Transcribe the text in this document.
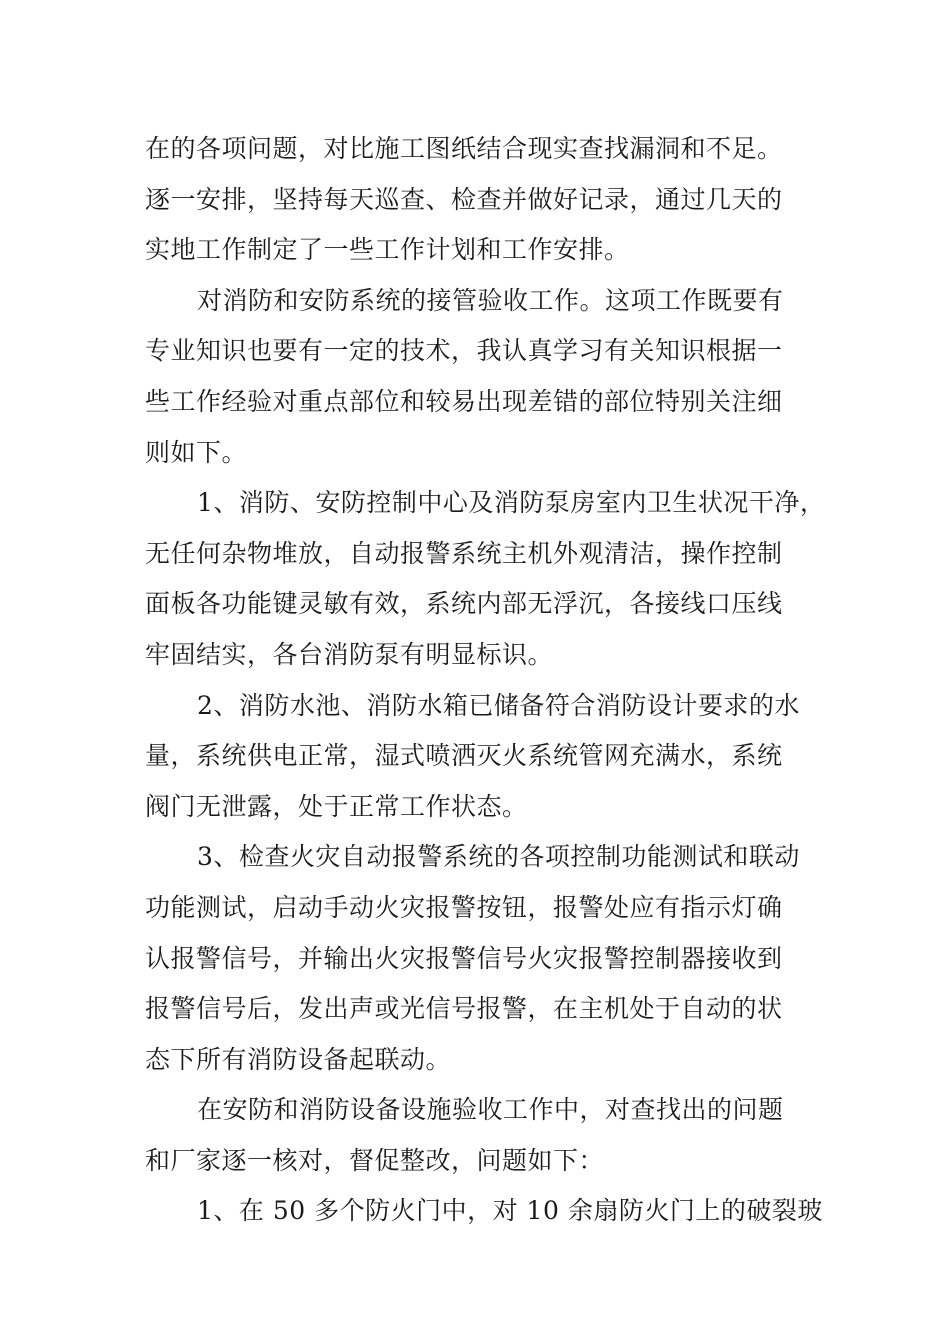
在的各项问题，对比施工图纸结合现实查找漏洞和不足。
逐一安排，坚持每天巡查、检查并做好记录，通过几天的
实地工作制定了一些工作计划和工作安排。
对消防和安防系统的接管验收工作。这项工作既要有
专业知识也要有一定的技术，我认真学习有关知识根据一
些工作经验对重点部位和较易出现差错的部位特别关注细
则如下。
1、消防、安防控制中心及消防泵房室内卫生状况干净，
无任何杂物堆放，自动报警系统主机外观清洁，操作控制
面板各功能键灵敏有效，系统内部无浮沉，各接线口压线
牢固结实，各台消防泵有明显标识。
2、消防水池、消防水箱已储备符合消防设计要求的水
量，系统供电正常，湿式喷洒灭火系统管网充满水，系统
阀门无泄露，处于正常工作状态。
3、检查火灾自动报警系统的各项控制功能测试和联动
功能测试，启动手动火灾报警按钮，报警处应有指示灯确
认报警信号，并输出火灾报警信号火灾报警控制器接收到
报警信号后，发出声或光信号报警，在主机处于自动的状
态下所有消防设备起联动。
在安防和消防设备设施验收工作中，对查找出的问题
和厂家逐一核对，督促整改，问题如下：
1、在 50 多个防火门中，对 10 余扇防火门上的破裂玻
